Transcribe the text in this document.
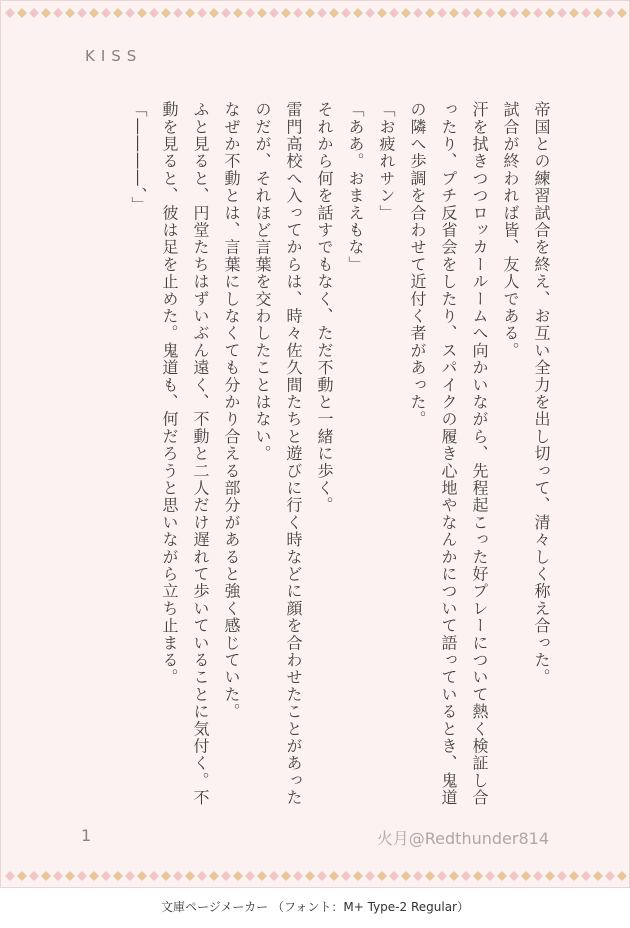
KISS

帝国との練習試合を終え、お互い全力を出し切って、清々しく称え合った。

試合が終われば皆、友人である。

汗を拭きつつロッカールームへ向かいながら、先程起こった好プレーについて熱く検証し合ったり、プチ反省会をしたり、スパイクの履き心地やなんかについて語っているとき、鬼道の隣へ歩調を合わせて近付く者があった。

「お疲れサン」

「ああ。おまえもな」

それから何を話すでもなく、ただ不動と一緒に歩く。

雷門高校へ入ってからは、時々佐久間たちと遊びに行く時などに顔を合わせたことがあったのだが、それほど言葉を交わしたことはない。

なぜか不動とは、言葉にしなくても分かり合える部分があると強く感じていた。

ふと見ると、円堂たちはずいぶん遠く、不動と二人だけ遅れて歩いていることに気付く。不動を見ると、彼は足を止めた。鬼道も、何だろうと思いながら立ち止まる。

「――――、」

1	火月@Redthunder814
文庫ページメーカー （フォント：M+ Type-2 Regular）
